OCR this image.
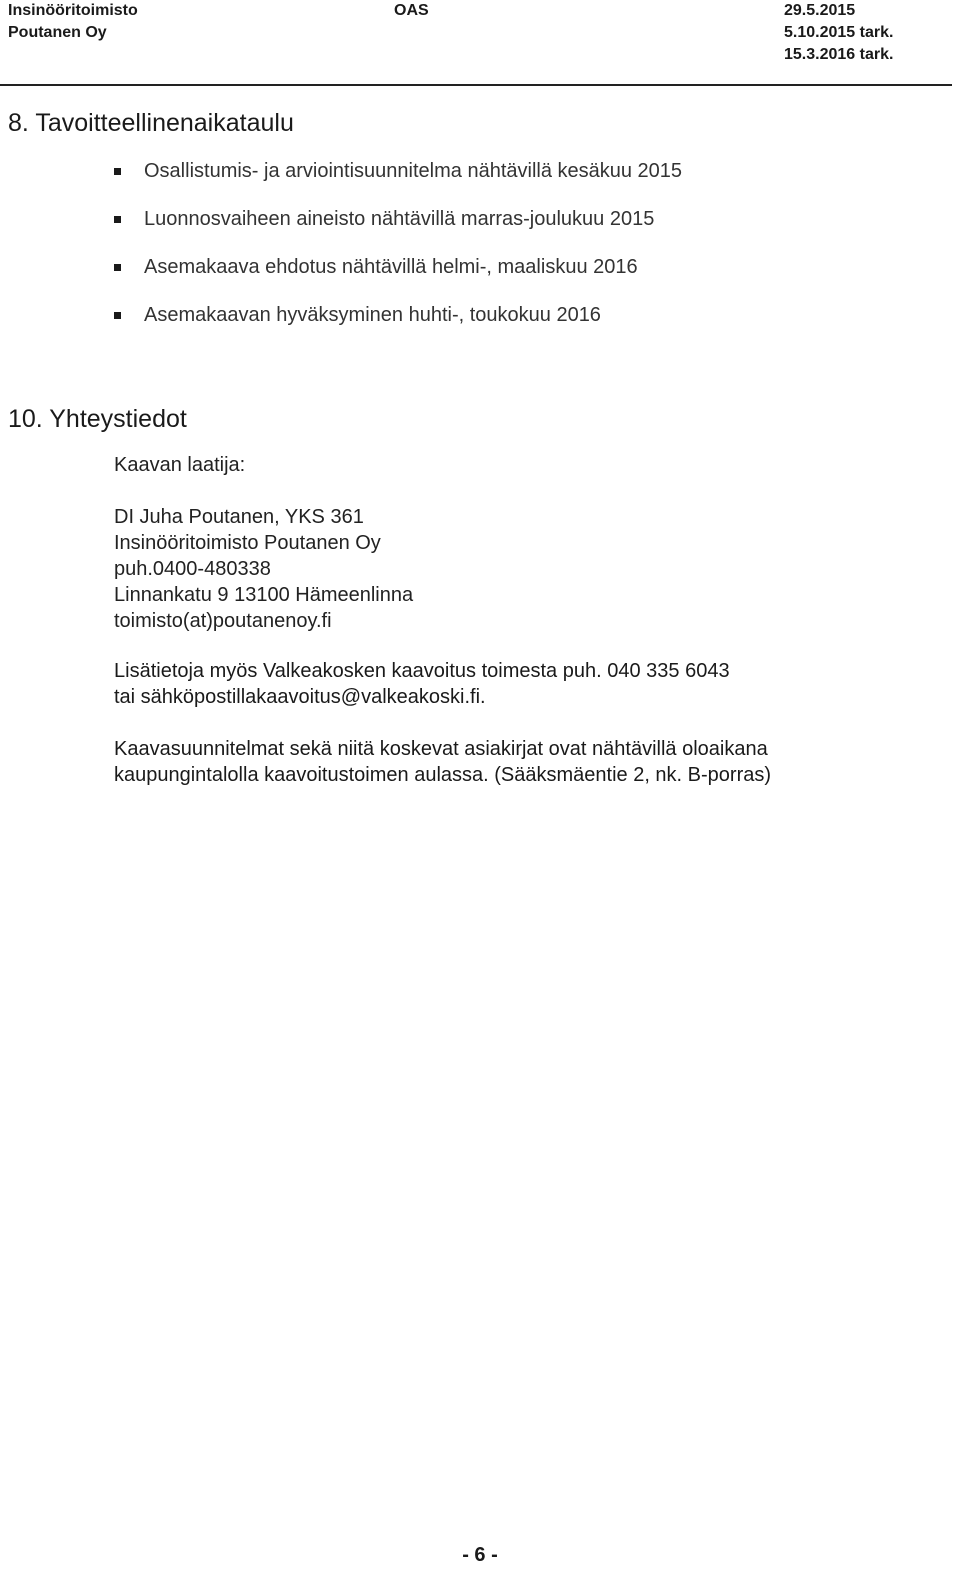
Insinööritoimisto
Poutanen Oy
OAS	29.5.2015
5.10.2015 tark.
15.3.2016 tark.
8. Tavoitteellinenaikataulu
Osallistumis- ja arviointisuunnitelma nähtävillä kesäkuu 2015
Luonnosvaiheen aineisto nähtävillä marras-joulukuu 2015
Asemakaava ehdotus nähtävillä helmi-, maaliskuu 2016
Asemakaavan hyväksyminen huhti-, toukokuu 2016
10. Yhteystiedot
Kaavan laatija:
DI Juha Poutanen, YKS 361
Insinööritoimisto Poutanen Oy
puh.0400-480338
Linnankatu 9 13100 Hämeenlinna
toimisto(at)poutanenoy.fi
Lisätietoja myös Valkeakosken kaavoitus toimesta puh. 040 335 6043
tai sähköpostillakaavoitus@valkeakoski.fi.
Kaavasuunnitelmat sekä niitä koskevat asiakirjat ovat nähtävillä oloaikana
kaupungintalolla kaavoitustoimen aulassa. (Sääksmäentie 2, nk. B-porras)
- 6 -
